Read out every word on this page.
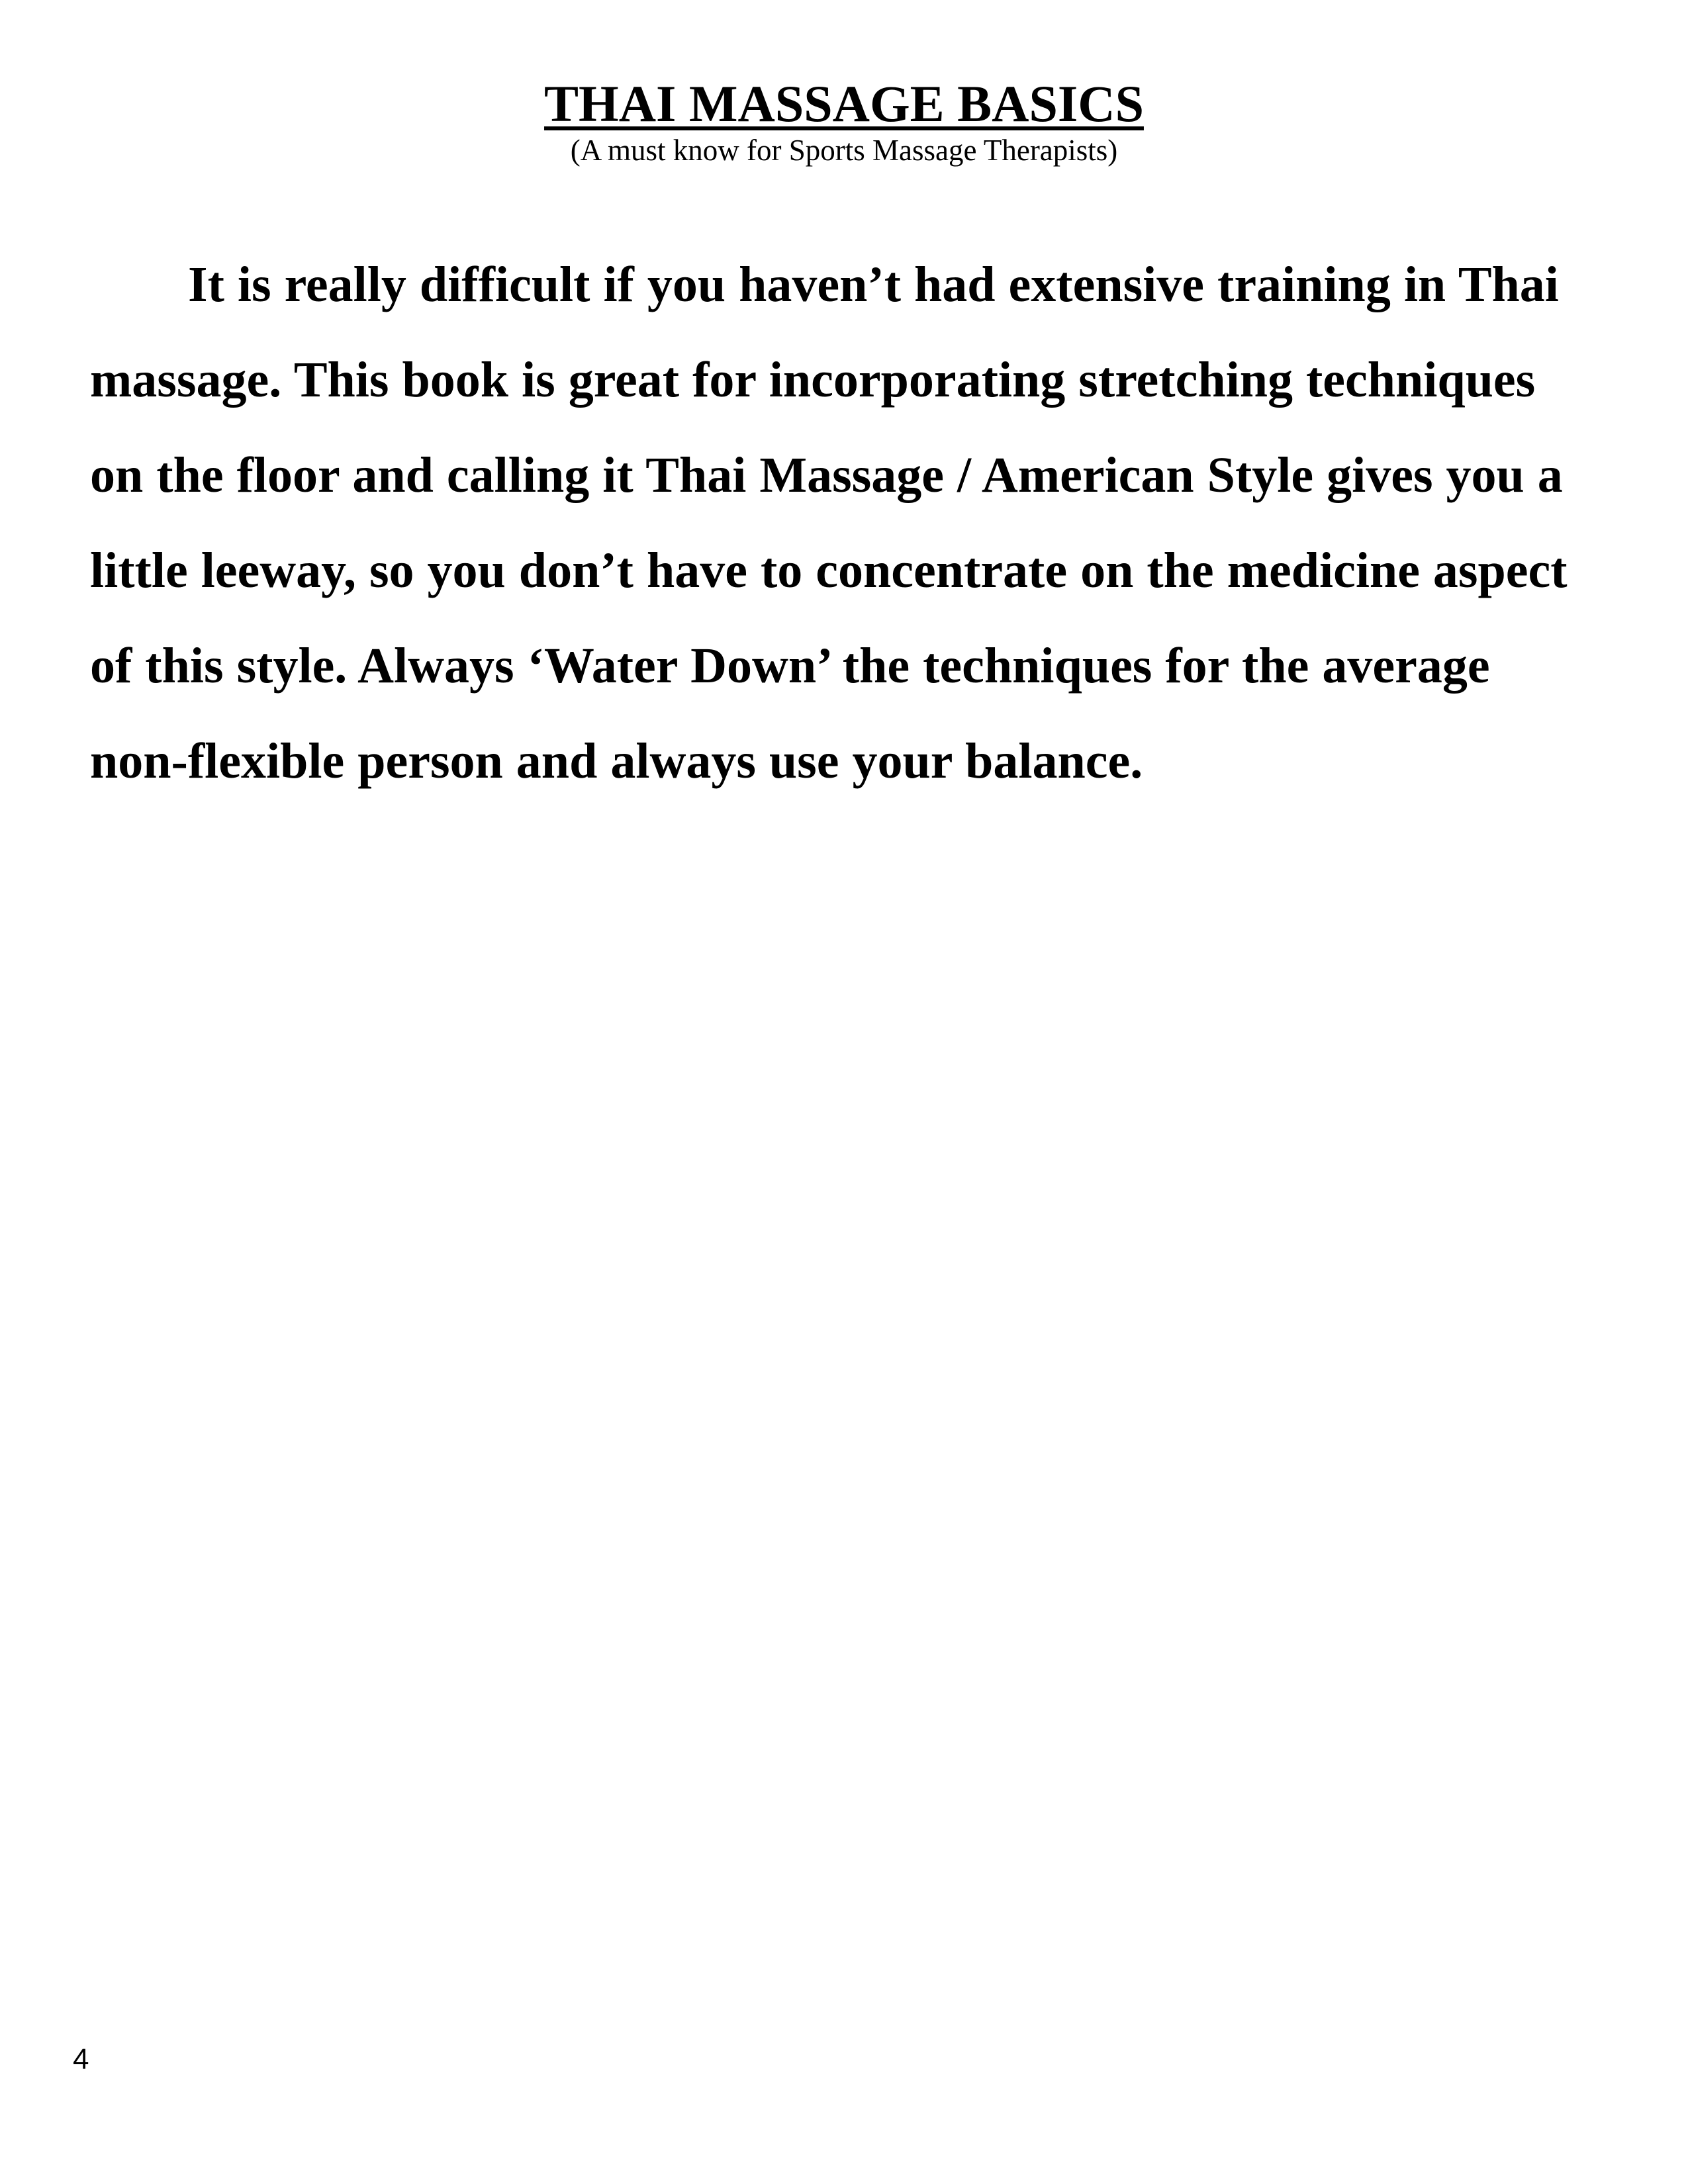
THAI MASSAGE BASICS
(A must know for Sports Massage Therapists)

It is really difficult if you haven’t had extensive training in Thai massage. This book is great for incorporating stretching techniques on the floor and calling it Thai Massage / American Style gives you a little leeway, so you don’t have to concentrate on the medicine aspect of this style. Always ‘Water Down’ the techniques for the average non-flexible person and always use your balance.

4
